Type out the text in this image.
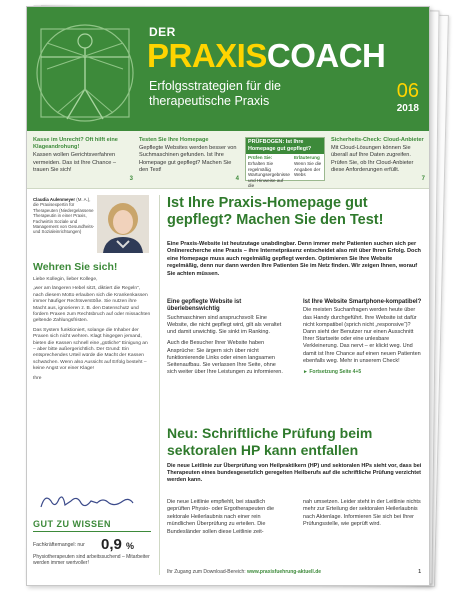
DER
PRAXISCOACH
Erfolgsstrategien für die therapeutische Praxis	06
2018
Kasse im Unrecht? Oft hilft eine Klageandrohung!
Kassen wollen Gerichtsverfahren vermeiden. Das ist Ihre Chance – trauen Sie sich!
3
Testen Sie Ihre Homepage
Gepflegte Websites werden besser von Suchmaschinen gefunden. Ist Ihre Homepage gut gepflegt? Machen Sie den Test!
4
PRÜFBOGEN: Ist Ihre Homepage gut gepflegt?
Prüfen Sie:
Erhalten Sie regelmäßig Wartungsergebnisse und Hinweise auf die
Erläuterung
Wenn Sie die Angaben der Webs
Sicherheits-Check: Cloud-Anbieter
Mit Cloud-Lösungen können Sie überall auf Ihre Daten zugreifen. Prüfen Sie, ob Ihr Cloud-Anbieter diese Anforderungen erfüllt.
7
Claudia Aulenmeyer (M. A.), die Praxisexpertin für Therapeuten (Niedergelassene Therapeutin in einer Praxis, Fachwirtin Soziale und Management von Gesundheits- und Sozialeinrichtungen)
Wehren Sie sich!

Liebe Kollegin, lieber Kollege,

„wer am längeren Hebel sitzt, diktiert die Regeln“, nach diesem Motto erlauben sich die Krankenkassen immer häufiger Rechtsverstöße. Sie nutzen ihre Macht aus, ignorieren z. B. den Datenschutz und fordern Praxen zum Rechtsbruch auf oder missachten geltende Zahlungsfristen.

Das System funktioniert, solange die Inhaber der Praxen sich nicht wehren. Klagt hingegen jemand, bieten die Kassen schnell eine „gütliche“ Einigung an – aber bitte außergerichtlich. Der Grund: Ein entsprechendes Urteil würde die Macht der Kassen schwächen. Wenn also Aussicht auf Erfolg besteht – keine Angst vor einer Klage!

Ihre

GUT ZU WISSEN
Fachkräftemangel: nur	0,9 %
Physiotherapeuten sind arbeitssuchend – Mitarbeiter werden immer wertvoller!
Ist Ihre Praxis-Homepage gut gepflegt? Machen Sie den Test!
Eine Praxis-Website ist heutzutage unabdingbar. Denn immer mehr Patienten suchen sich per Onlinerecherche eine Praxis – ihre Internetpräsenz entscheidet also mit über Ihren Erfolg. Doch eine Homepage muss auch regelmäßig gepflegt werden. Optimieren Sie Ihre Website regelmäßig, denn nur dann werden Ihre Patienten Sie im Netz finden. Wir zeigen Ihnen, worauf Sie achten müssen.
Eine gepflegte Website ist überlebenswichtig

Suchmaschinen sind anspruchsvoll: Eine Website, die nicht gepflegt wird, gilt als veraltet und damit unwichtig. Sie sinkt im Ranking.

Auch die Besucher Ihrer Website haben Ansprüche: Sie ärgern sich über nicht funktionierende Links oder einen langsamen Seitenaufbau. Sie verlassen Ihre Seite, ohne sich weiter über Ihre Leistungen zu informieren.

Ist Ihre Website Smartphone-kompatibel?

Die meisten Suchanfragen werden heute über das Handy durchgeführt. Ihre Website ist dafür nicht kompatibel (sprich nicht „responsive“)? Dann sieht der Benutzer nur einen Ausschnitt Ihrer Startseite oder eine unlesbare Verkleinerung. Das nervt – er klickt weg. Und damit ist Ihre Chance auf einen neuen Patienten ebenfalls weg. Mehr in unserem Check!

► Fortsetzung Seite 4+5
Neu: Schriftliche Prüfung beim sektoralen HP kann entfallen
Die neue Leitlinie zur Überprüfung von Heilpraktikern (HP) und sektoralen HPs sieht vor, dass bei Therapeuten eines bundesgesetzlich geregelten Heilberufs auf die schriftliche Prüfung verzichtet werden kann.
Die neue Leitlinie empfiehlt, bei staatlich geprüften Physio- oder Ergotherapeuten die sektorale Heilerlaubnis nach einer rein mündlichen Überprüfung zu erteilen. Die Bundesländer sollen diese Leitlinie zeit-
nah umsetzen. Leider steht in der Leitlinie nichts mehr zur Erteilung der sektoralen Heilerlaubnis nach Aktenlage. Informieren Sie sich bei Ihrer Prüfungsstelle, wie geprüft wird.
Ihr Zugang zum Download-Bereich: www.praxisfuehrung-aktuell.de	1
